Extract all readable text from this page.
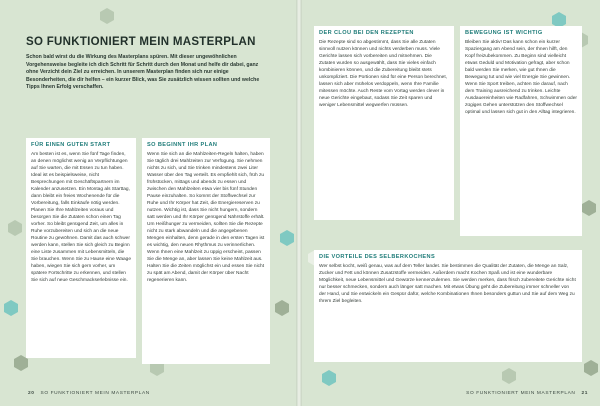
SO FUNKTIONIERT MEIN MASTERPLAN

Schon bald wirst du die Wirkung des Masterplans spüren. Mit dieser ungewöhnlichen Vorgehensweise begleite ich dich Schritt für Schritt durch den Monat und helfe dir dabei, ganz ohne Verzicht dein Ziel zu erreichen. In unserem Masterplan finden sich nur einige Besonderheiten, die dir helfen – ein kurzer Blick, was Sie zusätzlich wissen sollten und welche Tipps Ihnen Erfolg verschaffen.

FÜR EINEN GUTEN START

Am besten ist es, wenn Sie fünf Tage finden, an denen möglichst wenig an Verpflichtungen auf Sie warten, die mit Essen zu tun haben. Ideal ist es beispielsweise, nicht Besprechungen mit Geschäftspartnern im Kalender anzusetzen. Ein Montag als Starttag, dann bleibt ein freies Wochenende für die Vorbereitung, falls Einkäufe nötig werden. Planen Sie Ihre Mahlzeiten voraus und besorgen Sie die Zutaten schon einen Tag vorher. So bleibt genügend Zeit, um alles in Ruhe vorzubereiten und sich an die neue Routine zu gewöhnen. Damit das auch schwer werden kann, stellen Sie sich gleich zu Beginn eine Liste zusammen mit Lebensmitteln, die Sie brauchen. Wenn Sie zu Hause eine Waage haben, wiegen Sie sich gern vorher, um spätere Fortschritte zu erkennen, und stellen Sie sich auf neue Geschmackserlebnisse ein.

SO BEGINNT IHR PLAN

Wenn Sie sich an die Mahlzeiten-Regeln halten, haben Sie täglich drei Mahlzeiten zur Verfügung. Sie nehmen nichts zu sich, und Sie trinken mindestens zwei Liter Wasser über den Tag verteilt. Es empfiehlt sich, früh zu frühstücken, mittags und abends zu essen und zwischen den Mahlzeiten etwa vier bis fünf Stunden Pause einzuhalten. So kommt der Stoffwechsel zur Ruhe und Ihr Körper hat Zeit, die Energiereserven zu nutzen. Wichtig ist, dass Sie nicht hungern, sondern satt werden und Ihr Körper genügend Nährstoffe erhält. Um Heißhunger zu vermeiden, sollten Sie die Rezepte nicht zu stark abwandeln und die angegebenen Mengen einhalten, denn gerade in den ersten Tagen ist es wichtig, den neuen Rhythmus zu verinnerlichen. Wenn Ihnen eine Mahlzeit zu üppig erscheint, passen Sie die Menge an, aber lassen Sie keine Mahlzeit aus. Halten Sie die Zeiten möglichst ein und essen Sie nicht zu spät am Abend, damit der Körper über Nacht regenerieren kann.

20 SO FUNKTIONIERT MEIN MASTERPLAN
DER CLOU BEI DEN REZEPTEN

Die Rezepte sind so abgestimmt, dass Sie alle Zutaten sinnvoll nutzen können und nichts verderben muss. Viele Gerichte lassen sich vorbereiten und mitnehmen. Die Zutaten wurden so ausgewählt, dass Sie vieles einfach kombinieren können, und die Zubereitung bleibt stets unkompliziert. Die Portionen sind für eine Person berechnet, lassen sich aber mühelos verdoppeln, wenn Ihre Familie mitessen möchte. Auch Reste vom Vortag werden clever in neue Gerichte eingebaut, sodass Sie Zeit sparen und weniger Lebensmittel wegwerfen müssen.

BEWEGUNG IST WICHTIG

Bleiben Sie aktiv! Das kann schon ein kurzer Spaziergang am Abend sein, der Ihnen hilft, den Kopf freizubekommen. Zu Beginn sind vielleicht etwas Geduld und Motivation gefragt, aber schon bald werden Sie merken, wie gut Ihnen die Bewegung tut und wie viel Energie Sie gewinnen. Wenn Sie Sport treiben, achten Sie darauf, nach dem Training ausreichend zu trinken. Leichte Ausdauereinheiten wie Radfahren, Schwimmen oder zügiges Gehen unterstützen den Stoffwechsel optimal und lassen sich gut in den Alltag integrieren.

DIE VORTEILE DES SELBERKOCHENS

Wer selbst kocht, weiß genau, was auf dem Teller landet. Sie bestimmen die Qualität der Zutaten, die Menge an Salz, Zucker und Fett und können Zusatzstoffe vermeiden. Außerdem macht Kochen Spaß und ist eine wunderbare Möglichkeit, neue Lebensmittel und Gewürze kennenzulernen. Sie werden merken, dass frisch zubereitete Gerichte nicht nur besser schmecken, sondern auch länger satt machen. Mit etwas Übung geht die Zubereitung immer schneller von der Hand, und Sie entwickeln ein Gespür dafür, welche Kombinationen Ihnen besonders guttun und Sie auf dem Weg zu Ihrem Ziel begleiten.

SO FUNKTIONIERT MEIN MASTERPLAN 21
